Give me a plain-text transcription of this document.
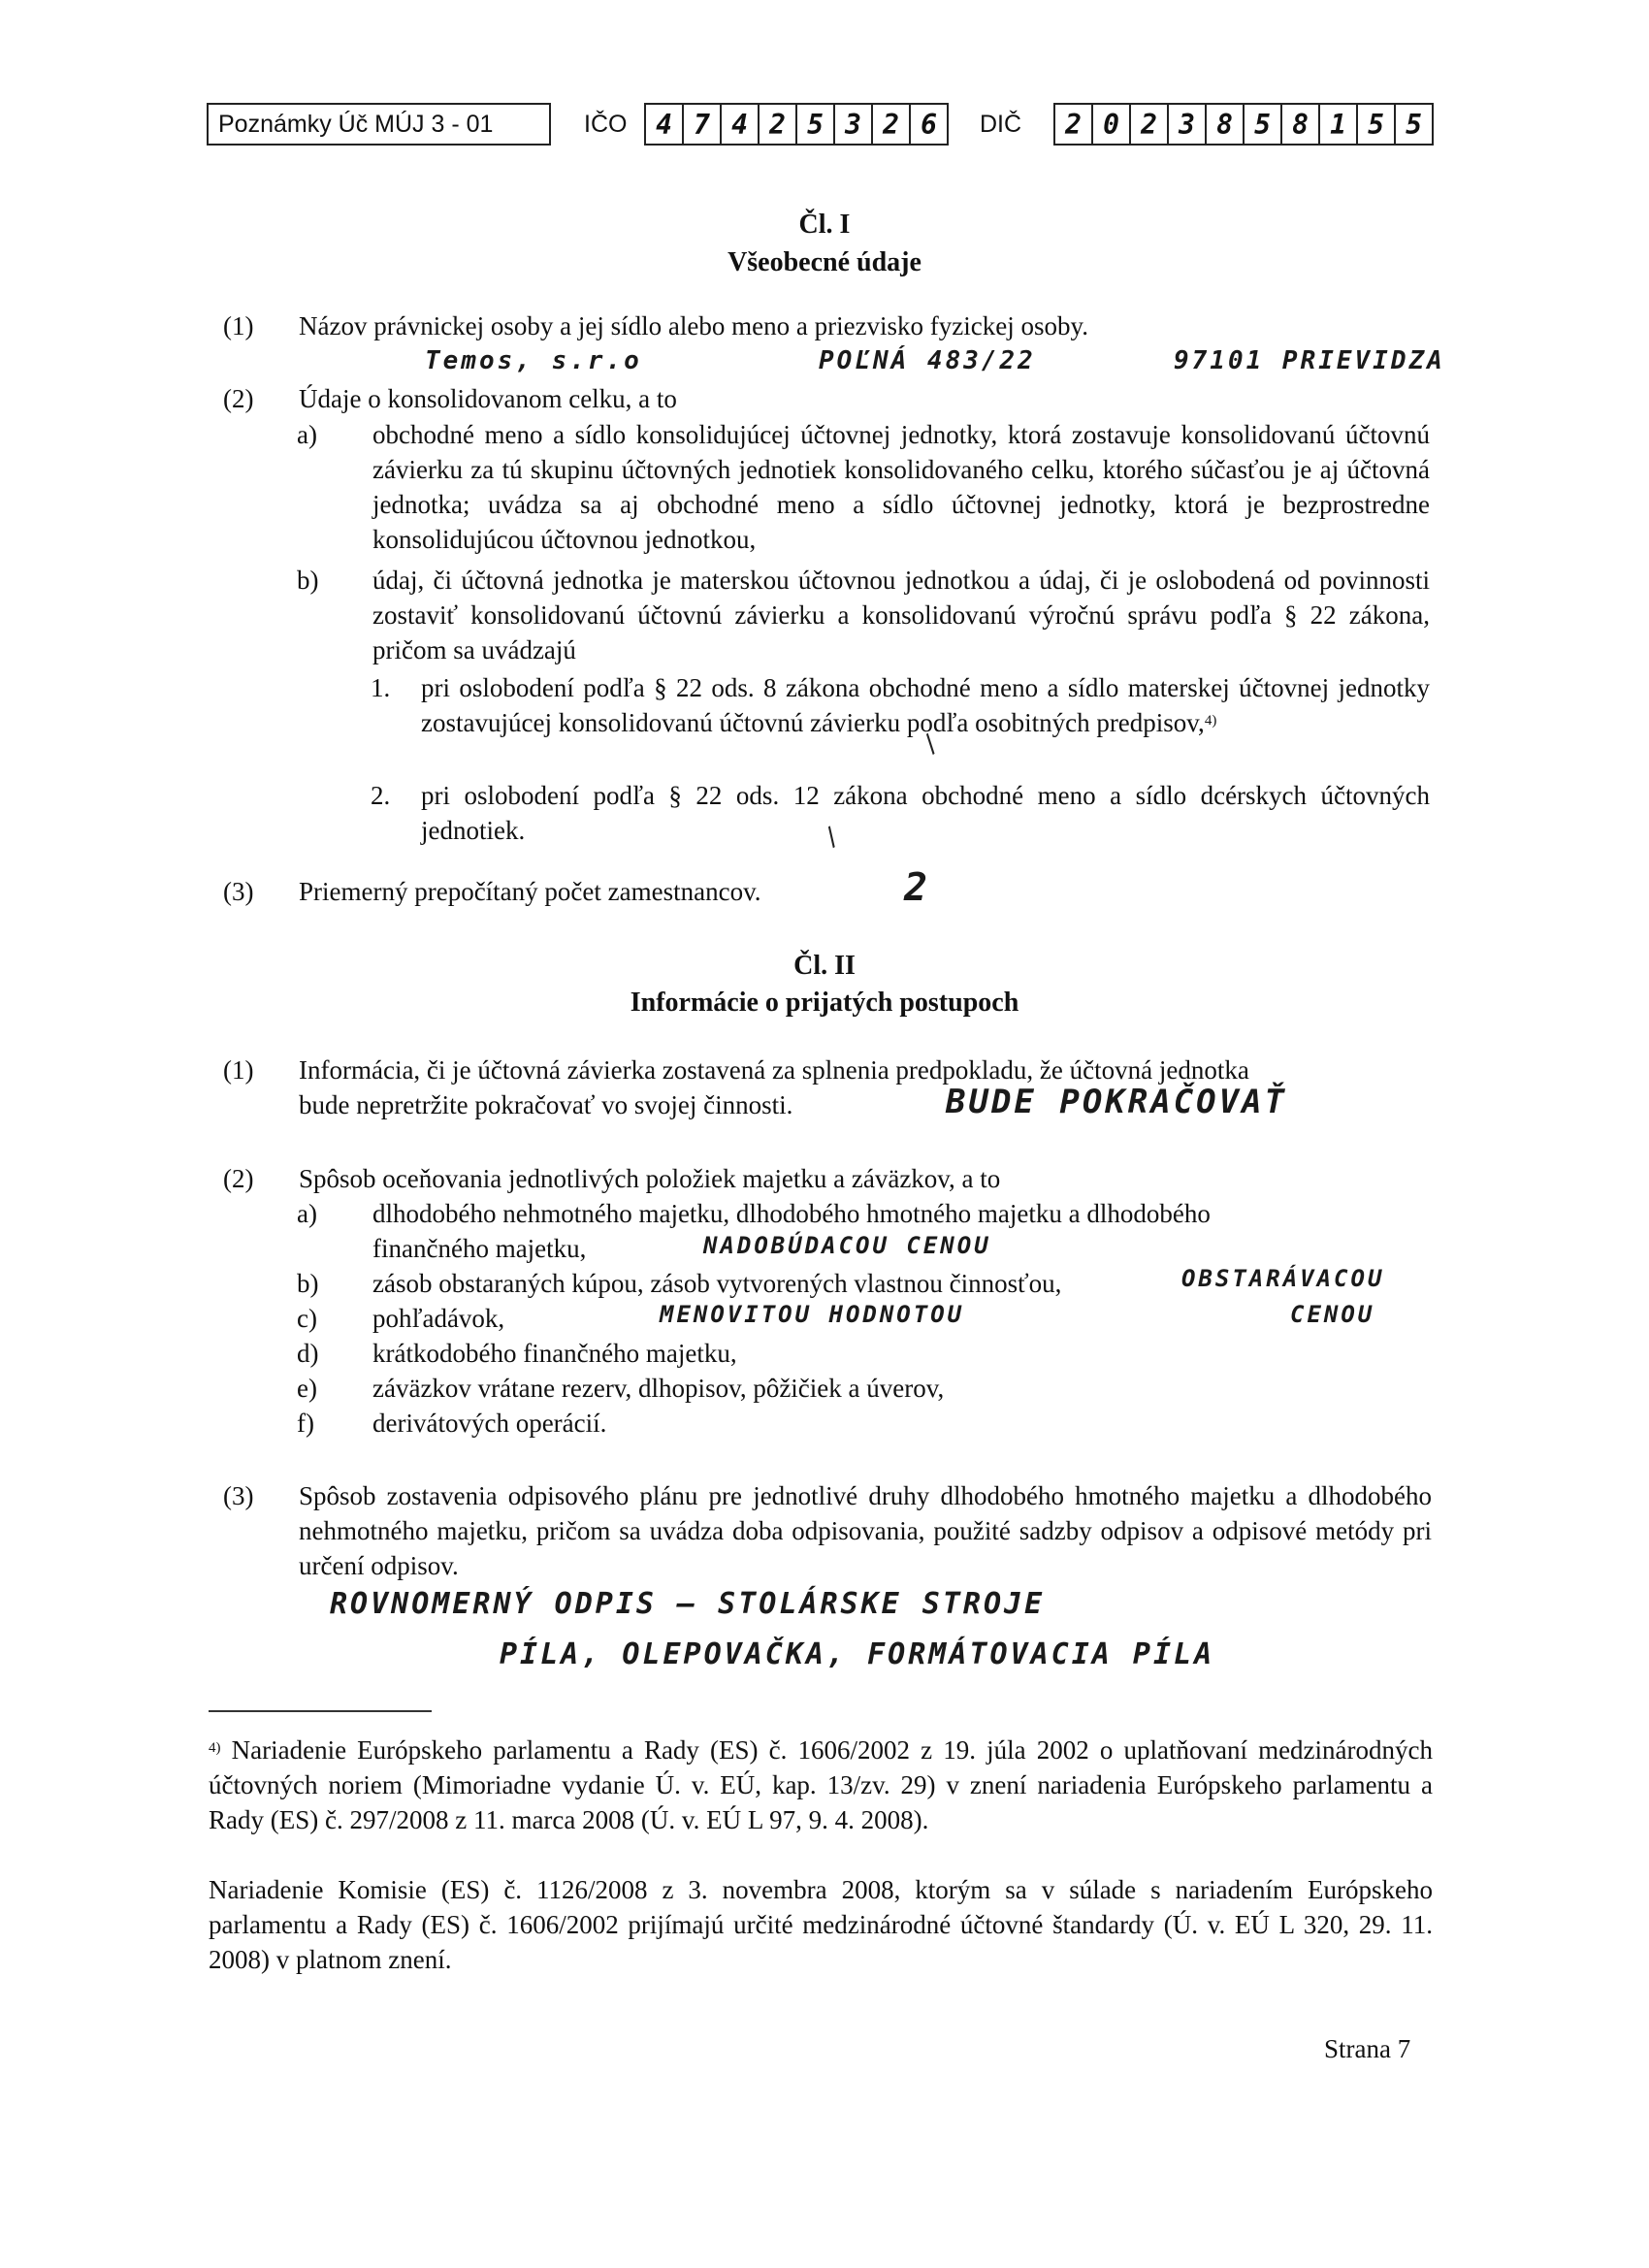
Poznámky Úč MÚJ 3 - 01	IČO	4 7 4 2 5 3 2 6	DIČ	2 0 2 3 8 5 8 1 5 5
Čl. I
Všeobecné údaje
(1) Názov právnickej osoby a jej sídlo alebo meno a priezvisko fyzickej osoby.
Temos, s.r.o	POĽNÁ 483/22	97101 PRIEVIDZA
(2) Údaje o konsolidovanom celku, a to
a) obchodné meno a sídlo konsolidujúcej účtovnej jednotky, ktorá zostavuje konsolidovanú účtovnú závierku za tú skupinu účtovných jednotiek konsolidovaného celku, ktorého súčasťou je aj účtovná jednotka; uvádza sa aj obchodné meno a sídlo účtovnej jednotky, ktorá je bezprostredne konsolidujúcou účtovnou jednotkou,
b) údaj, či účtovná jednotka je materskou účtovnou jednotkou a údaj, či je oslobodená od povinnosti zostaviť konsolidovanú účtovnú závierku a konsolidovanú výročnú správu podľa § 22 zákona, pričom sa uvádzajú
1. pri oslobodení podľa § 22 ods. 8 zákona obchodné meno a sídlo materskej účtovnej jednotky zostavujúcej konsolidovanú účtovnú závierku podľa osobitných predpisov,$^{4)}$
/
2. pri oslobodení podľa § 22 ods. 12 zákona obchodné meno a sídlo dcérskych účtovných jednotiek.	/
(3) Priemerný prepočítaný počet zamestnancov.	2
Čl. II
Informácie o prijatých postupoch
(1) Informácia, či je účtovná závierka zostavená za splnenia predpokladu, že účtovná jednotka
bude nepretržite pokračovať vo svojej činnosti.	BUDE POKRAČOVAŤ
(2) Spôsob oceňovania jednotlivých položiek majetku a záväzkov, a to
a) dlhodobého nehmotného majetku, dlhodobého hmotného majetku a dlhodobého
b) zásob obstaraných kúpou, zásob vytvorených vlastnou činnosťou,
c) pohľadávok,
d) krátkodobého finančného majetku,
e) záväzkov vrátane rezerv, dlhopisov, pôžičiek a úverov,
f) derivátových operácií.
finančného majetku,	NADOBÚDACOU CENOU
OBSTARÁVACOU
MENOVITOU HODNOTOU	CENOU
(3) Spôsob zostavenia odpisového plánu pre jednotlivé druhy dlhodobého hmotného majetku a dlhodobého nehmotného majetku, pričom sa uvádza doba odpisovania, použité sadzby odpisov a odpisové metódy pri určení odpisov.
ROVNOMERNÝ ODPIS – STOLÁRSKE STROJE
PÍLA, OLEPOVAČKA, FORMÁTOVACIA PÍLA
$^{4)}$ Nariadenie Európskeho parlamentu a Rady (ES) č. 1606/2002 z 19. júla 2002 o uplatňovaní medzinárodných účtovných noriem (Mimoriadne vydanie Ú. v. EÚ, kap. 13/zv. 29) v znení nariadenia Európskeho parlamentu a Rady (ES) č. 297/2008 z 11. marca 2008 (Ú. v. EÚ L 97, 9. 4. 2008).
Nariadenie Komisie (ES) č. 1126/2008 z 3. novembra 2008, ktorým sa v súlade s nariadením Európskeho parlamentu a Rady (ES) č. 1606/2002 prijímajú určité medzinárodné účtovné štandardy (Ú. v. EÚ L 320, 29. 11. 2008) v platnom znení.
Strana 7
